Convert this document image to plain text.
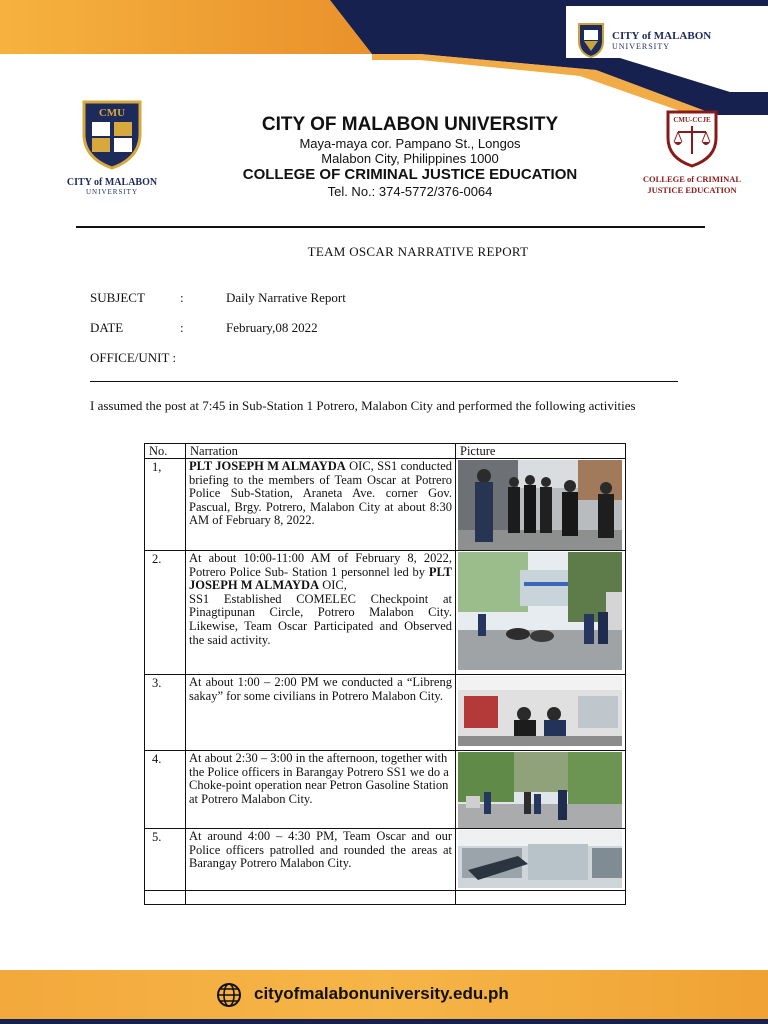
CITY of MALABON
UNIVERSITY
CMU
CITY of MALABON
UNIVERSITY
CMU-CCJE
COLLEGE of CRIMINAL
JUSTICE EDUCATION
CITY OF MALABON UNIVERSITY
Maya-maya cor. Pampano St., Longos
Malabon City, Philippines 1000
COLLEGE OF CRIMINAL JUSTICE EDUCATION
Tel. No.: 374-5772/376-0064
TEAM OSCAR NARRATIVE REPORT
SUBJECT	:	Daily Narrative Report
DATE	:	February,08 2022
OFFICE/UNIT :
I assumed the post at 7:45 in Sub-Station 1 Potrero, Malabon City and performed the following activities
No.	Narration	Picture
1,	PLT JOSEPH M ALMAYDA OIC, SS1 conducted briefing to the members of Team Oscar at Potrero Police Sub-Station, Araneta Ave. corner Gov. Pascual, Brgy. Potrero, Malabon City at about 8:30 AM of February 8, 2022.	

2.	At about 10:00-11:00 AM of February 8, 2022, Potrero Police Sub- Station 1 personnel led by PLT JOSEPH M ALMAYDA OIC,
SS1 Established COMELEC Checkpoint at Pinagtipunan Circle, Potrero Malabon City. Likewise, Team Oscar Participated and Observed the said activity.	

3.	At about 1:00 – 2:00 PM we conducted a “Libreng sakay” for some civilians in Potrero Malabon City.	

4.	At about 2:30 – 3:00 in the afternoon, together with the Police officers in Barangay Potrero SS1 we do a Choke-point operation near Petron Gasoline Station at Potrero Malabon City.	

5.	At around 4:00 – 4:30 PM, Team Oscar and our Police officers patrolled and rounded the areas at Barangay Potrero Malabon City.	

cityofmalabonuniversity.edu.ph
